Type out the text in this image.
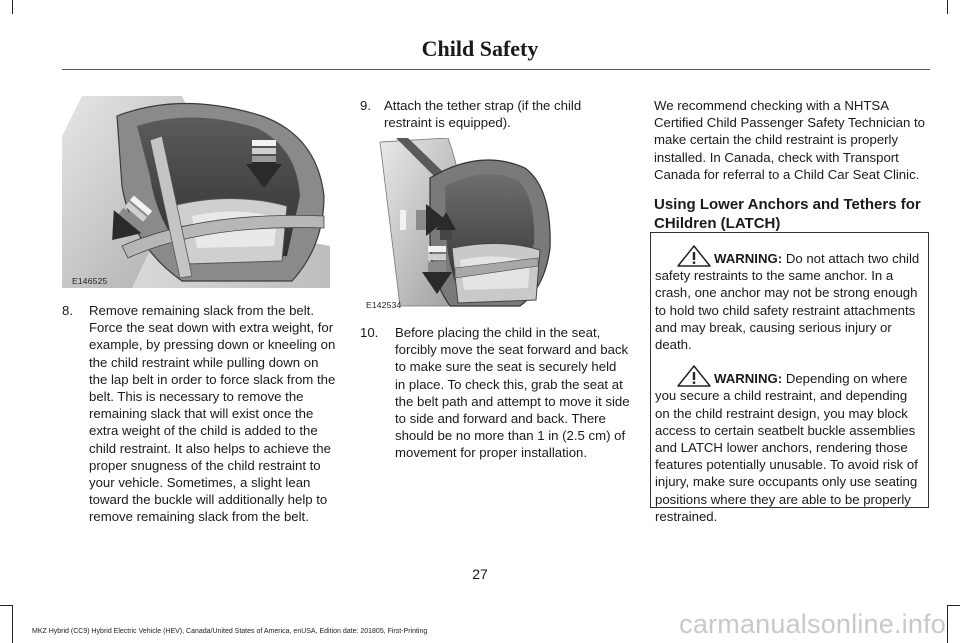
Child Safety
E146525
8.	Remove remaining slack from the belt. Force the seat down with extra weight, for example, by pressing down or kneeling on the child restraint while pulling down on the lap belt in order to force slack from the belt. This is necessary to remove the remaining slack that will exist once the extra weight of the child is added to the child restraint. It also helps to achieve the proper snugness of the child restraint to your vehicle. Sometimes, a slight lean toward the buckle will additionally help to remove remaining slack from the belt.
9. Attach the tether strap (if the child restraint is equipped).
E142534
10.	Before placing the child in the seat, forcibly move the seat forward and back to make sure the seat is securely held in place. To check this, grab the seat at the belt path and attempt to move it side to side and forward and back. There should be no more than 1 in (2.5 cm) of movement for proper installation.

We recommend checking with a NHTSA Certified Child Passenger Safety Technician to make certain the child restraint is properly installed. In Canada, check with Transport Canada for referral to a Child Car Seat Clinic.

Using Lower Anchors and Tethers for CHildren (LATCH)

WARNING: Do not attach two child safety restraints to the same anchor. In a crash, one anchor may not be strong enough to hold two child safety restraint attachments and may break, causing serious injury or death.

WARNING: Depending on where you secure a child restraint, and depending on the child restraint design, you may block access to certain seatbelt buckle assemblies and LATCH lower anchors, rendering those features potentially unusable. To avoid risk of injury, make sure occupants only use seating positions where they are able to be properly restrained.

27
MKZ Hybrid (CC9) Hybrid Electric Vehicle (HEV), Canada/United States of America, enUSA, Edition date: 201805, First-Printing	carmanualsonline.info
